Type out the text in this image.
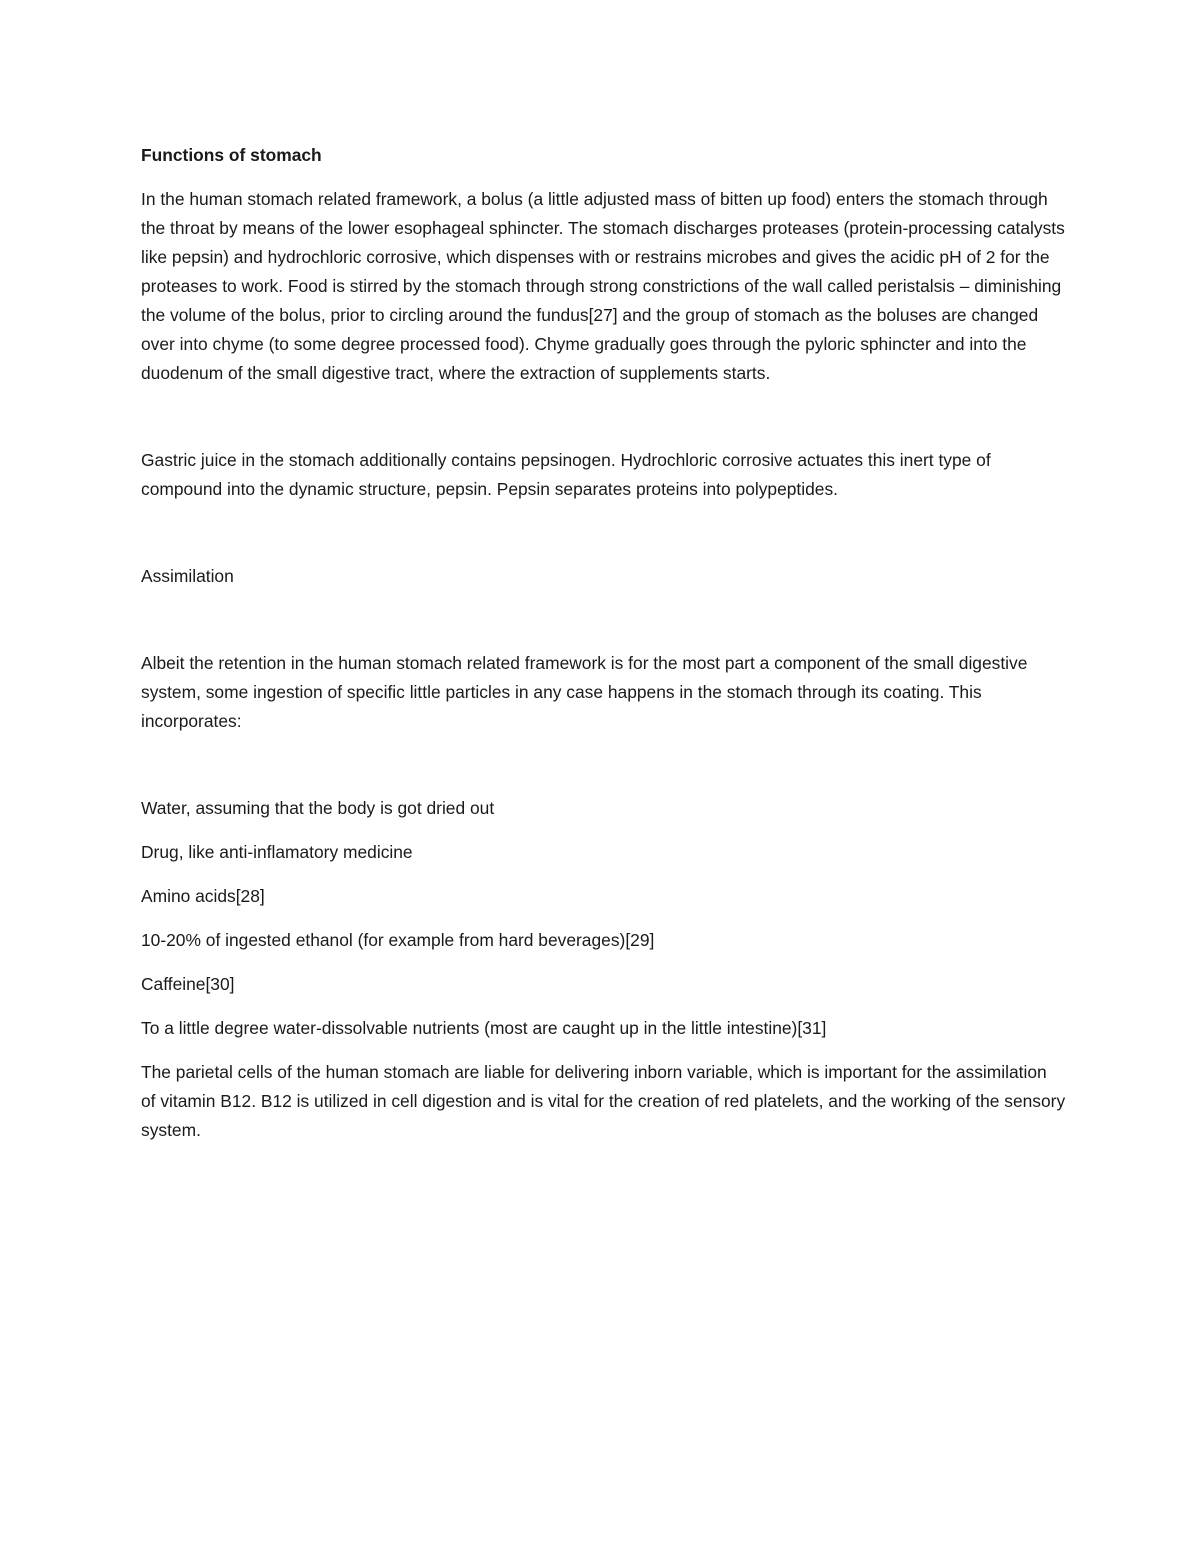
Functions of stomach

In the human stomach related framework, a bolus (a little adjusted mass of bitten up food) enters the stomach through the throat by means of the lower esophageal sphincter. The stomach discharges proteases (protein-processing catalysts like pepsin) and hydrochloric corrosive, which dispenses with or restrains microbes and gives the acidic pH of 2 for the proteases to work. Food is stirred by the stomach through strong constrictions of the wall called peristalsis – diminishing the volume of the bolus, prior to circling around the fundus[27] and the group of stomach as the boluses are changed over into chyme (to some degree processed food). Chyme gradually goes through the pyloric sphincter and into the duodenum of the small digestive tract, where the extraction of supplements starts.

Gastric juice in the stomach additionally contains pepsinogen. Hydrochloric corrosive actuates this inert type of compound into the dynamic structure, pepsin. Pepsin separates proteins into polypeptides.

Assimilation

Albeit the retention in the human stomach related framework is for the most part a component of the small digestive system, some ingestion of specific little particles in any case happens in the stomach through its coating. This incorporates:

Water, assuming that the body is got dried out

Drug, like anti-inflamatory medicine

Amino acids[28]

10-20% of ingested ethanol (for example from hard beverages)[29]

Caffeine[30]

To a little degree water-dissolvable nutrients (most are caught up in the little intestine)[31]

The parietal cells of the human stomach are liable for delivering inborn variable, which is important for the assimilation of vitamin B12. B12 is utilized in cell digestion and is vital for the creation of red platelets, and the working of the sensory system.
